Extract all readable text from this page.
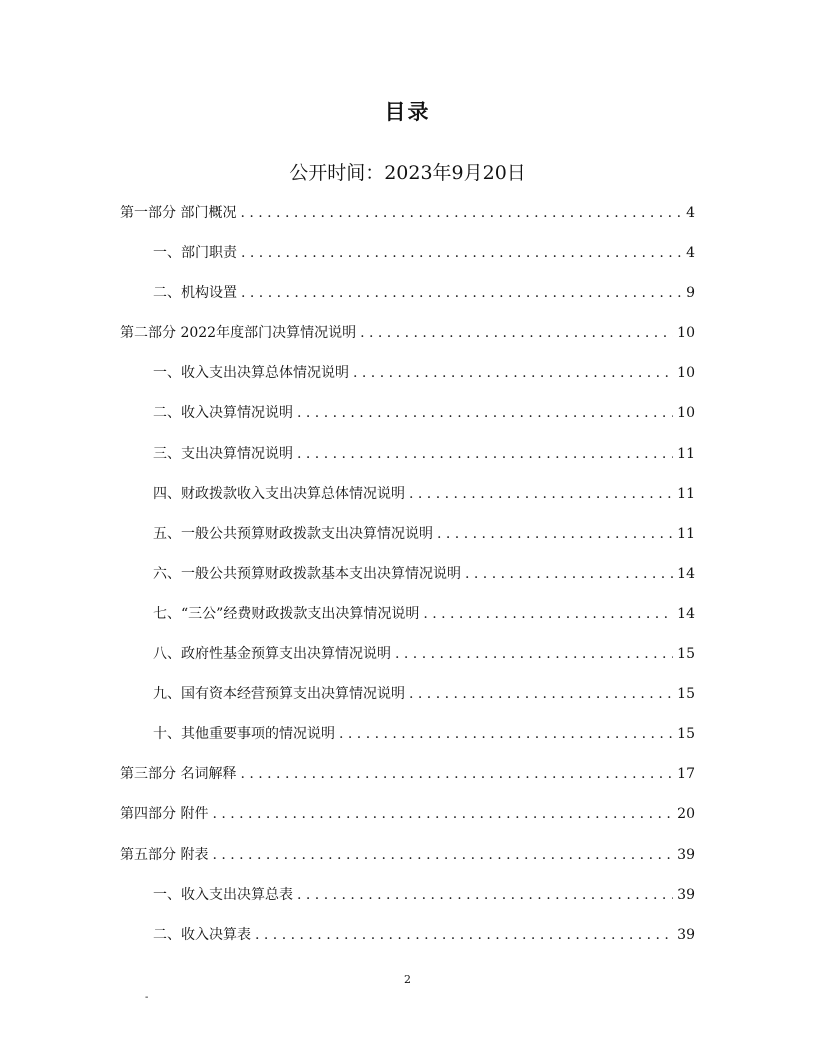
目录

公开时间：2023年9月20日

第一部分 部门概况 . . .	4
一、部门职责 . . .	4
二、机构设置 . . .	9
第二部分 2022年度部门决算情况说明 . . .	10
一、收入支出决算总体情况说明 . . .	10
二、收入决算情况说明 . . .	10
三、支出决算情况说明 . . .	11
四、财政拨款收入支出决算总体情况说明 . . .	11
五、一般公共预算财政拨款支出决算情况说明 . . .	11
六、一般公共预算财政拨款基本支出决算情况说明 . . .	14
七、“三公”经费财政拨款支出决算情况说明 . . .	14
八、政府性基金预算支出决算情况说明 . . .	15
九、国有资本经营预算支出决算情况说明 . . .	15
十、其他重要事项的情况说明 . . .	15
第三部分 名词解释 . . .	17
第四部分 附件 . . .	20
第五部分 附表 . . .	39
一、收入支出决算总表 . . .	39
二、收入决算表 . . .	39

2

-
